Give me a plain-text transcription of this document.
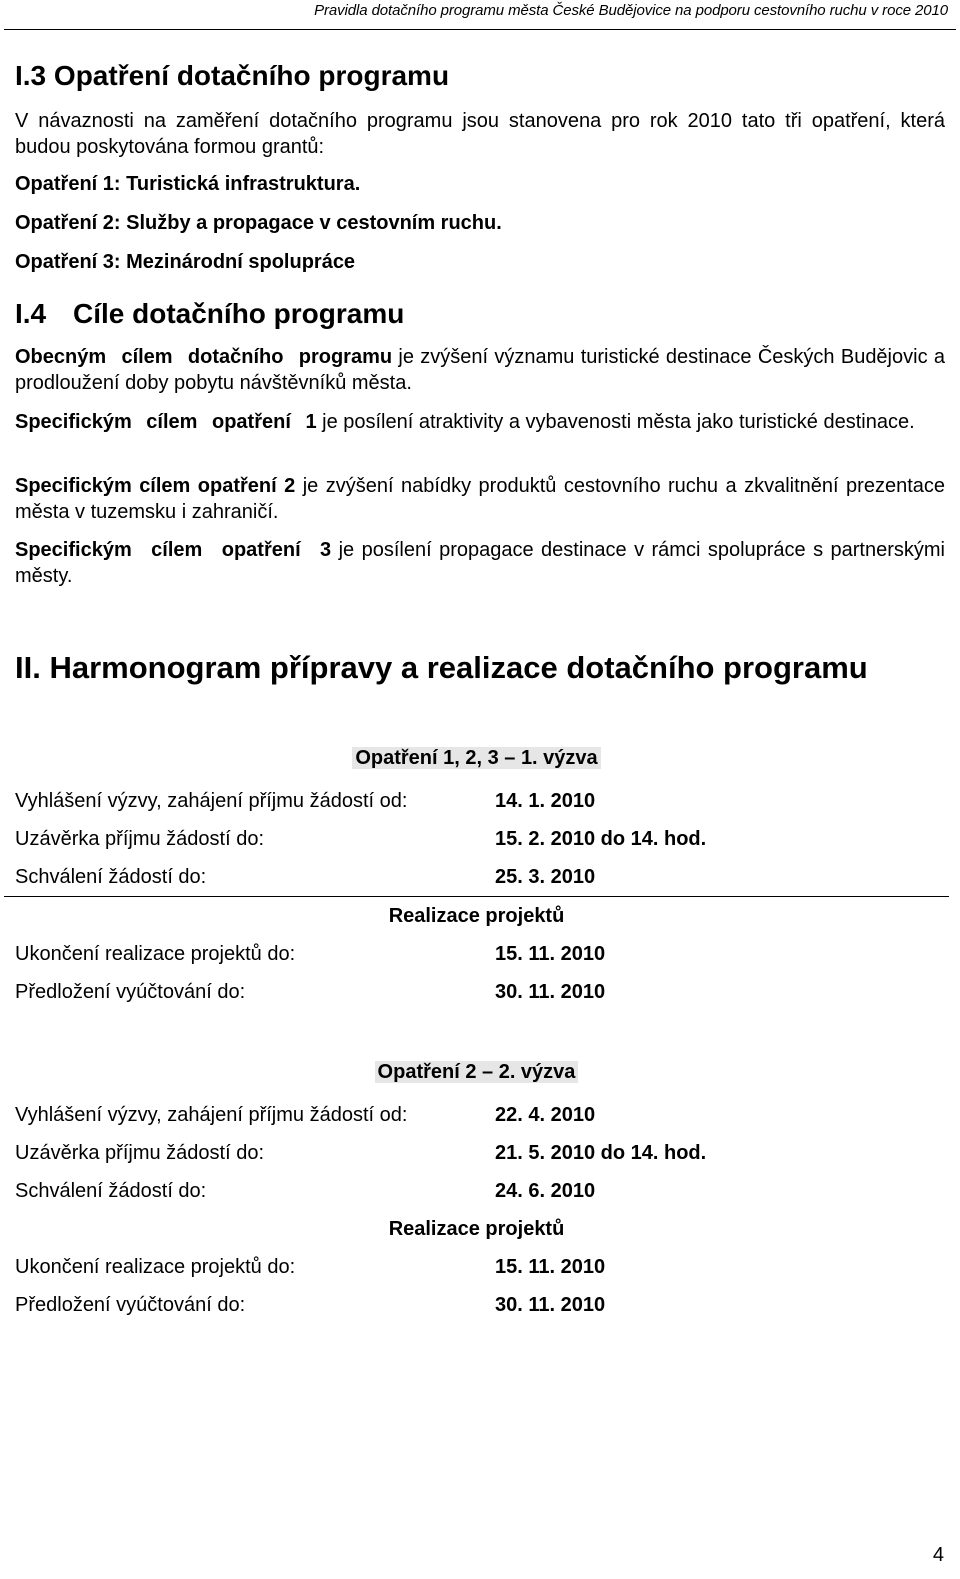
Pravidla dotačního programu města České Budějovice na podporu cestovního ruchu v roce 2010
I.3 Opatření dotačního programu
V návaznosti na zaměření dotačního programu jsou stanovena pro rok 2010 tato tři opatření, která budou poskytována formou grantů:
Opatření 1: Turistická infrastruktura.
Opatření 2: Služby a propagace v cestovním ruchu.
Opatření 3: Mezinárodní spolupráce
I.4 Cíle dotačního programu
Obecným cílem dotačního programu je zvýšení významu turistické destinace Českých Budějovic a prodloužení doby pobytu návštěvníků města.
Specifickým cílem opatření 1 je posílení atraktivity a vybavenosti města jako turistické destinace.
Specifickým cílem opatření 2 je zvýšení nabídky produktů cestovního ruchu a zkvalitnění prezentace města v tuzemsku i zahraničí.
Specifickým cílem opatření 3 je posílení propagace destinace v rámci spolupráce s partnerskými městy.
II. Harmonogram přípravy a realizace dotačního programu
Opatření 1, 2, 3 – 1. výzva	
Vyhlášení výzvy, zahájení příjmu žádostí od:	14. 1. 2010
Uzávěrka příjmu žádostí do:	15. 2. 2010 do 14. hod.
Schválení žádostí do:	25. 3. 2010
Realizace projektů	
Ukončení realizace projektů do:	15. 11. 2010
Předložení vyúčtování do:	30. 11. 2010
Opatření 2 – 2. výzva	
Vyhlášení výzvy, zahájení příjmu žádostí od:	22. 4. 2010
Uzávěrka příjmu žádostí do:	21. 5. 2010 do 14. hod.
Schválení žádostí do:	24. 6. 2010
Realizace projektů	
Ukončení realizace projektů do:	15. 11. 2010
Předložení vyúčtování do:	30. 11. 2010
4
